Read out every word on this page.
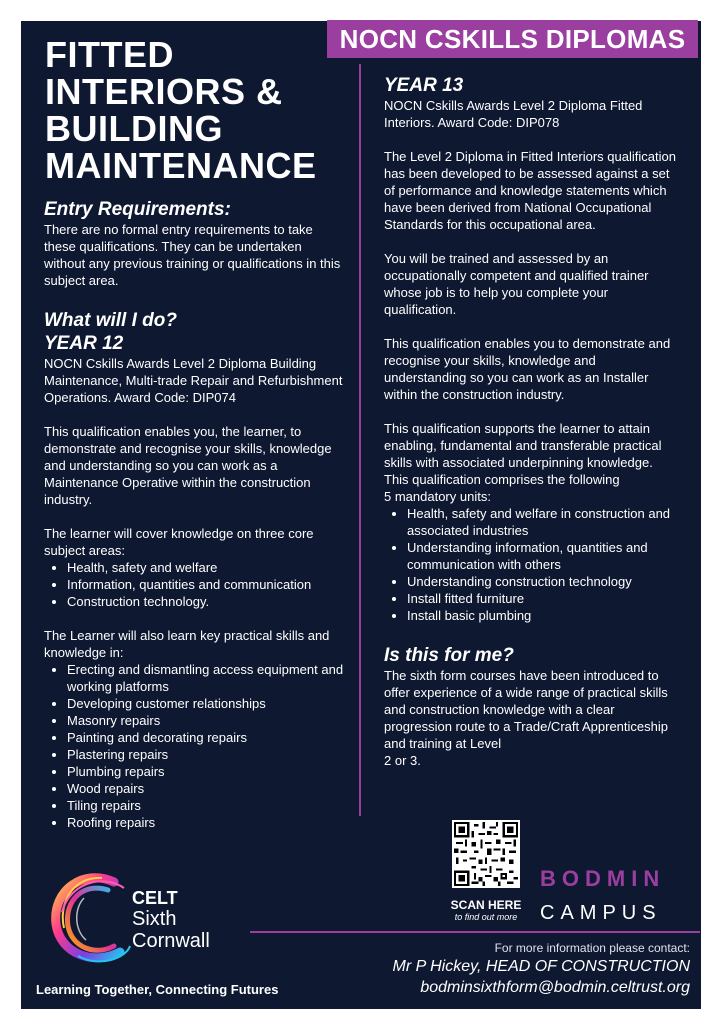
NOCN CSKILLS DIPLOMAS
FITTED
INTERIORS &
BUILDING
MAINTENANCE
Entry Requirements:

There are no formal entry requirements to take these qualifications. They can be undertaken without any previous training or qualifications in this subject area.

What will I do?
YEAR 12

NOCN Cskills Awards Level 2 Diploma Building Maintenance, Multi-trade Repair and Refurbishment Operations. Award Code: DIP074

This qualification enables you, the learner, to demonstrate and recognise your skills, knowledge and understanding so you can work as a Maintenance Operative within the construction industry.

The learner will cover knowledge on three core subject areas:

• Health, safety and welfare
• Information, quantities and communication
• Construction technology.

The Learner will also learn key practical skills and knowledge in:

• Erecting and dismantling access equipment and working platforms
• Developing customer relationships
• Masonry repairs
• Painting and decorating repairs
• Plastering repairs
• Plumbing repairs
• Wood repairs
• Tiling repairs
• Roofing repairs
YEAR 13

NOCN Cskills Awards Level 2 Diploma Fitted Interiors. Award Code: DIP078

The Level 2 Diploma in Fitted Interiors qualification has been developed to be assessed against a set of performance and knowledge statements which have been derived from National Occupational Standards for this occupational area.

You will be trained and assessed by an occupationally competent and qualified trainer whose job is to help you complete your qualification.

This qualification enables you to demonstrate and recognise your skills, knowledge and understanding so you can work as an Installer within the construction industry.

This qualification supports the learner to attain enabling, fundamental and transferable practical skills with associated underpinning knowledge. This qualification comprises the following

5 mandatory units:

• Health, safety and welfare in construction and associated industries
• Understanding information, quantities and communication with others
• Understanding construction technology
• Install fitted furniture
• Install basic plumbing
Is this for me?

The sixth form courses have been introduced to offer experience of a wide range of practical skills and construction knowledge with a clear progression route to a Trade/Craft Apprenticeship and training at Level

2 or 3.

SCAN HERE
to find out more
BODMIN
CAMPUS
For more information please contact:
Mr P Hickey, HEAD OF CONSTRUCTION
bodminsixthform@bodmin.celtrust.org
CELT
Sixth
Cornwall
Learning Together, Connecting Futures
